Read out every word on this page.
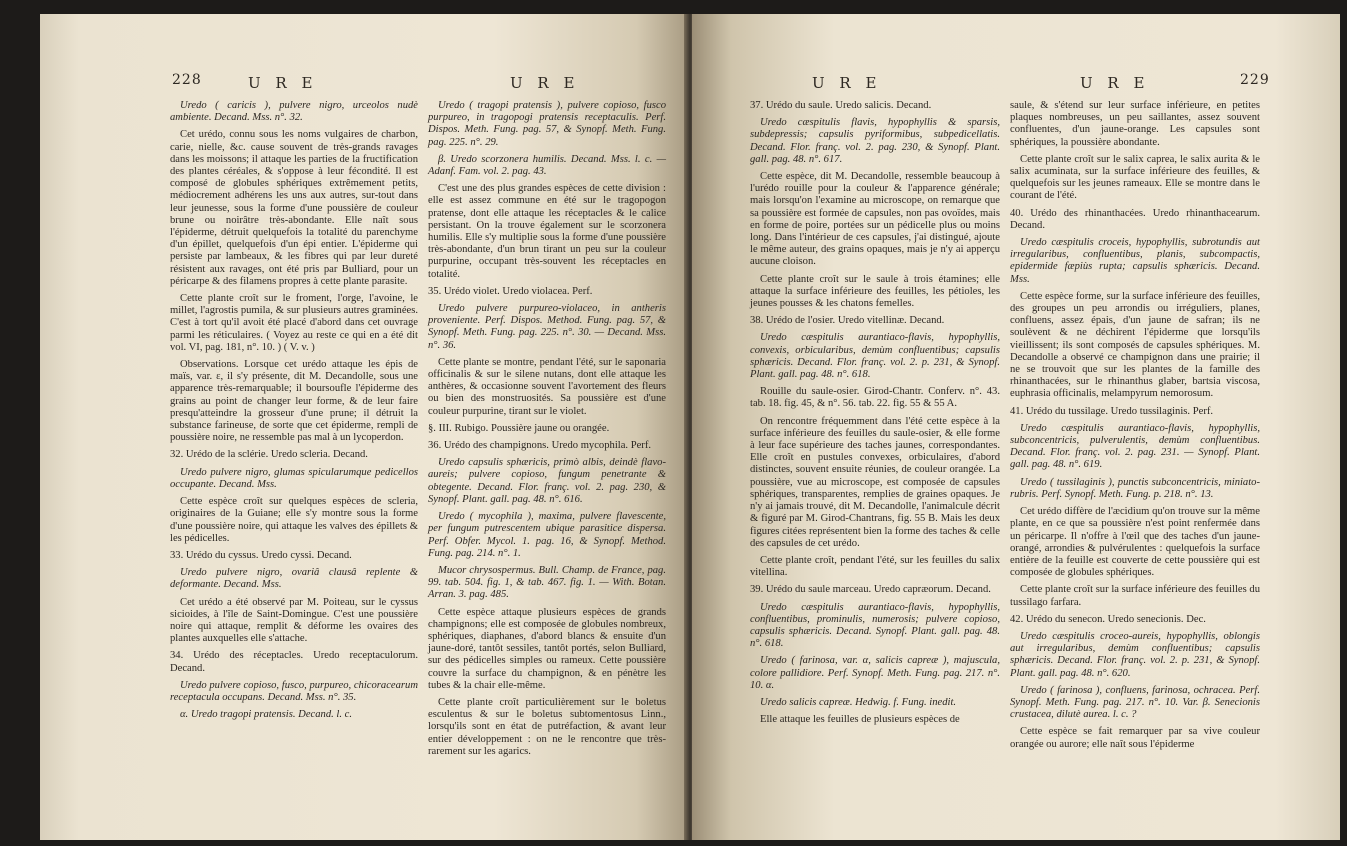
228	U R E	U R E

Uredo ( caricis ), pulvere nigro, urceolos nudè ambiente. Decand. Mss. n°. 32.

Cet urédo, connu sous les noms vulgaires de charbon, carie, nielle, &c. cause souvent de très-grands ravages dans les moissons; il attaque les parties de la fructification des plantes céréales, & s'oppose à leur fécondité. Il est composé de globules sphériques extrêmement petits, médiocrement adhérens les uns aux autres, sur-tout dans leur jeunesse, sous la forme d'une poussière de couleur brune ou noirâtre très-abondante. Elle naît sous l'épiderme, détruit quelquefois la totalité du parenchyme d'un épillet, quelquefois d'un épi entier. L'épiderme qui persiste par lambeaux, & les fibres qui par leur dureté résistent aux ravages, ont été pris par Bulliard, pour un péricarpe & des filamens propres à cette plante parasite.

Cette plante croît sur le froment, l'orge, l'avoine, le millet, l'agrostis pumila, & sur plusieurs autres graminées. C'est à tort qu'il avoit été placé d'abord dans cet ouvrage parmi les réticulaires. ( Voyez au reste ce qui en a été dit vol. VI, pag. 181, n°. 10. ) ( V. v. )

Observations. Lorsque cet urédo attaque les épis de maïs, var. ε, il s'y présente, dit M. Decandolle, sous une apparence très-remarquable; il boursoufle l'épiderme des grains au point de changer leur forme, & de leur faire presqu'atteindre la grosseur d'une prune; il détruit la substance farineuse, de sorte que cet épiderme, rempli de poussière noire, ne ressemble pas mal à un lycoperdon.

32. Urédo de la sclérie. Uredo scleria. Decand.

Uredo pulvere nigro, glumas spicularumque pedicellos occupante. Decand. Mss.

Cette espèce croît sur quelques espèces de scleria, originaires de la Guiane; elle s'y montre sous la forme d'une poussière noire, qui attaque les valves des épillets & les pédicelles.

33. Urédo du cyssus. Uredo cyssi. Decand.

Uredo pulvere nigro, ovariâ clausâ replente & deformante. Decand. Mss.

Cet urédo a été observé par M. Poiteau, sur le cyssus sicioides, à l'île de Saint-Domingue. C'est une poussière noire qui attaque, remplit & déforme les ovaires des plantes auxquelles elle s'attache.

34. Urédo des réceptacles. Uredo receptaculorum. Decand.

Uredo pulvere copioso, fusco, purpureo, chicoracearum receptacula occupans. Decand. Mss. n°. 35.

α. Uredo tragopi pratensis. Decand. l. c.

Uredo ( tragopi pratensis ), pulvere copioso, fusco purpureo, in tragopogi pratensis receptaculis. Perf. Dispos. Meth. Fung. pag. 57, & Synopf. Meth. Fung. pag. 225. n°. 29.

β. Uredo scorzonera humilis. Decand. Mss. l. c. — Adanf. Fam. vol. 2. pag. 43.

C'est une des plus grandes espèces de cette division : elle est assez commune en été sur le tragopogon pratense, dont elle attaque les réceptacles & le calice persistant. On la trouve également sur le scorzonera humilis. Elle s'y multiplie sous la forme d'une poussière très-abondante, d'un brun tirant un peu sur la couleur purpurine, occupant très-souvent les réceptacles en totalité.

35. Urédo violet. Uredo violacea. Perf.

Uredo pulvere purpureo-violaceo, in antheris proveniente. Perf. Dispos. Method. Fung. pag. 57, & Synopf. Meth. Fung. pag. 225. n°. 30. — Decand. Mss. n°. 36.

Cette plante se montre, pendant l'été, sur le saponaria officinalis & sur le silene nutans, dont elle attaque les anthères, & occasionne souvent l'avortement des fleurs ou bien des monstruosités. Sa poussière est d'une couleur purpurine, tirant sur le violet.

§. III. Rubigo. Poussière jaune ou orangée.

36. Urédo des champignons. Uredo mycophila. Perf.

Uredo capsulis sphæricis, primò albis, deindè flavo-aureis; pulvere copioso, fungum penetrante & obtegente. Decand. Flor. franç. vol. 2. pag. 230, & Synopf. Plant. gall. pag. 48. n°. 616.

Uredo ( mycophila ), maxima, pulvere flavescente, per fungum putrescentem ubique parasitice dispersa. Perf. Obfer. Mycol. 1. pag. 16, & Synopf. Method. Fung. pag. 214. n°. 1.

Mucor chrysospermus. Bull. Champ. de France, pag. 99. tab. 504. fig. 1, & tab. 467. fig. 1. — With. Botan. Arran. 3. pag. 485.

Cette espèce attaque plusieurs espèces de grands champignons; elle est composée de globules nombreux, sphériques, diaphanes, d'abord blancs & ensuite d'un jaune-doré, tantôt sessiles, tantôt portés, selon Bulliard, sur des pédicelles simples ou rameux. Cette poussière couvre la surface du champignon, & en pénètre les tubes & la chair elle-même.

Cette plante croît particulièrement sur le boletus esculentus & sur le boletus subtomentosus Linn., lorsqu'ils sont en état de putréfaction, & avant leur entier développement : on ne le rencontre que très-rarement sur les agarics.

U R E	U R E	229

37. Urédo du saule. Uredo salicis. Decand.

Uredo cæspitulis flavis, hypophyllis & sparsis, subdepressis; capsulis pyriformibus, subpedicellatis. Decand. Flor. franç. vol. 2. pag. 230, & Synopf. Plant. gall. pag. 48. n°. 617.

Cette espèce, dit M. Decandolle, ressemble beaucoup à l'urédo rouille pour la couleur & l'apparence générale; mais lorsqu'on l'examine au microscope, on remarque que sa poussière est formée de capsules, non pas ovoïdes, mais en forme de poire, portées sur un pédicelle plus ou moins long. Dans l'intérieur de ces capsules, j'ai distingué, ajoute le même auteur, des grains opaques, mais je n'y ai apperçu aucune cloison.

Cette plante croît sur le saule à trois étamines; elle attaque la surface inférieure des feuilles, les pétioles, les jeunes pousses & les chatons femelles.

38. Urédo de l'osier. Uredo vitellinæ. Decand.

Uredo cæspitulis aurantiaco-flavis, hypophyllis, convexis, orbicularibus, demùm confluentibus; capsulis sphæricis. Decand. Flor. franç. vol. 2. p. 231, & Synopf. Plant. gall. pag. 48. n°. 618.

Rouille du saule-osier. Girod-Chantr. Conferv. n°. 43. tab. 18. fig. 45, & n°. 56. tab. 22. fig. 55 & 55 A.

On rencontre fréquemment dans l'été cette espèce à la surface inférieure des feuilles du saule-osier, & elle forme à leur face supérieure des taches jaunes, correspondantes. Elle croît en pustules convexes, orbiculaires, d'abord distinctes, souvent ensuite réunies, de couleur orangée. La poussière, vue au microscope, est composée de capsules sphériques, transparentes, remplies de graines opaques. Je n'y ai jamais trouvé, dit M. Decandolle, l'animalcule décrit & figuré par M. Girod-Chantrans, fig. 55 B. Mais les deux figures citées représentent bien la forme des taches & celle des capsules de cet urédo.

Cette plante croît, pendant l'été, sur les feuilles du salix vitellina.

39. Urédo du saule marceau. Uredo capræorum. Decand.

Uredo cæspitulis aurantiaco-flavis, hypophyllis, confluentibus, prominulis, numerosis; pulvere copioso, capsulis sphæricis. Decand. Synopf. Plant. gall. pag. 48. n°. 618.

Uredo ( farinosa, var. α, salicis capreæ ), majuscula, colore pallidiore. Perf. Synopf. Meth. Fung. pag. 217. n°. 10. α.

Uredo salicis capreæ. Hedwig. f. Fung. inedit.

Elle attaque les feuilles de plusieurs espèces de

saule, & s'étend sur leur surface inférieure, en petites plaques nombreuses, un peu saillantes, assez souvent confluentes, d'un jaune-orange. Les capsules sont sphériques, la poussière abondante.

Cette plante croît sur le salix caprea, le salix aurita & le salix acuminata, sur la surface inférieure des feuilles, & quelquefois sur les jeunes rameaux. Elle se montre dans le courant de l'été.

40. Urédo des rhinanthacées. Uredo rhinanthacearum. Decand.

Uredo cæspitulis croceis, hypophyllis, subrotundis aut irregularibus, confluentibus, planis, subcompactis, epidermide fæpiùs rupta; capsulis sphæricis. Decand. Mss.

Cette espèce forme, sur la surface inférieure des feuilles, des groupes un peu arrondis ou irréguliers, planes, confluens, assez épais, d'un jaune de safran; ils ne soulèvent & ne déchirent l'épiderme que lorsqu'ils vieillissent; ils sont composés de capsules sphériques. M. Decandolle a observé ce champignon dans une prairie; il ne se trouvoit que sur les plantes de la famille des rhinanthacées, sur le rhinanthus glaber, bartsia viscosa, euphrasia officinalis, melampyrum nemorosum.

41. Urédo du tussilage. Uredo tussilaginis. Perf.

Uredo cæspitulis aurantiaco-flavis, hypophyllis, subconcentricis, pulverulentis, demùm confluentibus. Decand. Flor. franç. vol. 2. pag. 231. — Synopf. Plant. gall. pag. 48. n°. 619.

Uredo ( tussilaginis ), punctis subconcentricis, miniato-rubris. Perf. Synopf. Meth. Fung. p. 218. n°. 13.

Cet urédo diffère de l'æcidium qu'on trouve sur la même plante, en ce que sa poussière n'est point renfermée dans un péricarpe. Il n'offre à l'œil que des taches d'un jaune-orangé, arrondies & pulvérulentes : quelquefois la surface entière de la feuille est couverte de cette poussière qui est composée de globules sphériques.

Cette plante croît sur la surface inférieure des feuilles du tussilago farfara.

42. Urédo du senecon. Uredo senecionis. Dec.

Uredo cæspitulis croceo-aureis, hypophyllis, oblongis aut irregularibus, demùm confluentibus; capsulis sphæricis. Decand. Flor. franç. vol. 2. p. 231, & Synopf. Plant. gall. pag. 48. n°. 620.

Uredo ( farinosa ), confluens, farinosa, ochracea. Perf. Synopf. Meth. Fung. pag. 217. n°. 10. Var. β. Senecionis crustacea, dilutè aurea. l. c. ?

Cette espèce se fait remarquer par sa vive couleur orangée ou aurore; elle naît sous l'épiderme
